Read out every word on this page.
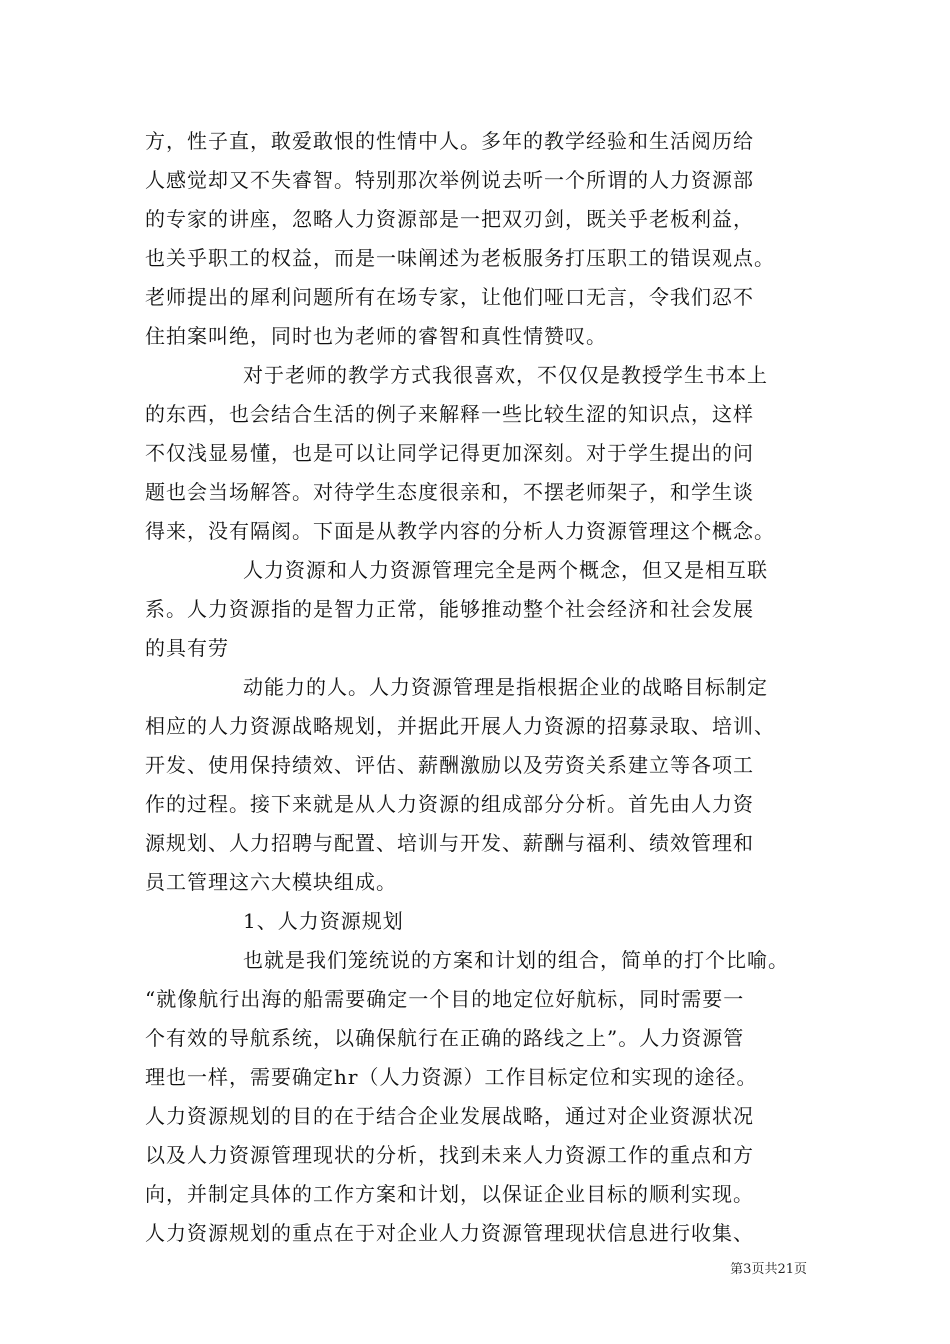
方，性子直，敢爱敢恨的性情中人。多年的教学经验和生活阅历给
人感觉却又不失睿智。特别那次举例说去听一个所谓的人力资源部
的专家的讲座，忽略人力资源部是一把双刃剑，既关乎老板利益，
也关乎职工的权益，而是一味阐述为老板服务打压职工的错误观点。
老师提出的犀利问题所有在场专家，让他们哑口无言，令我们忍不
住拍案叫绝，同时也为老师的睿智和真性情赞叹。
对于老师的教学方式我很喜欢，不仅仅是教授学生书本上
的东西，也会结合生活的例子来解释一些比较生涩的知识点，这样
不仅浅显易懂，也是可以让同学记得更加深刻。对于学生提出的问
题也会当场解答。对待学生态度很亲和，不摆老师架子，和学生谈
得来，没有隔阂。下面是从教学内容的分析人力资源管理这个概念。
人力资源和人力资源管理完全是两个概念，但又是相互联
系。人力资源指的是智力正常，能够推动整个社会经济和社会发展
的具有劳
动能力的人。人力资源管理是指根据企业的战略目标制定
相应的人力资源战略规划，并据此开展人力资源的招募录取、培训、
开发、使用保持绩效、评估、薪酬激励以及劳资关系建立等各项工
作的过程。接下来就是从人力资源的组成部分分析。首先由人力资
源规划、人力招聘与配置、培训与开发、薪酬与福利、绩效管理和
员工管理这六大模块组成。
1、人力资源规划
也就是我们笼统说的方案和计划的组合，简单的打个比喻。
“就像航行出海的船需要确定一个目的地定位好航标，同时需要一
个有效的导航系统，以确保航行在正确的路线之上”。人力资源管
理也一样，需要确定hr（人力资源）工作目标定位和实现的途径。
人力资源规划的目的在于结合企业发展战略，通过对企业资源状况
以及人力资源管理现状的分析，找到未来人力资源工作的重点和方
向，并制定具体的工作方案和计划，以保证企业目标的顺利实现。
人力资源规划的重点在于对企业人力资源管理现状信息进行收集、
第3页共21页
